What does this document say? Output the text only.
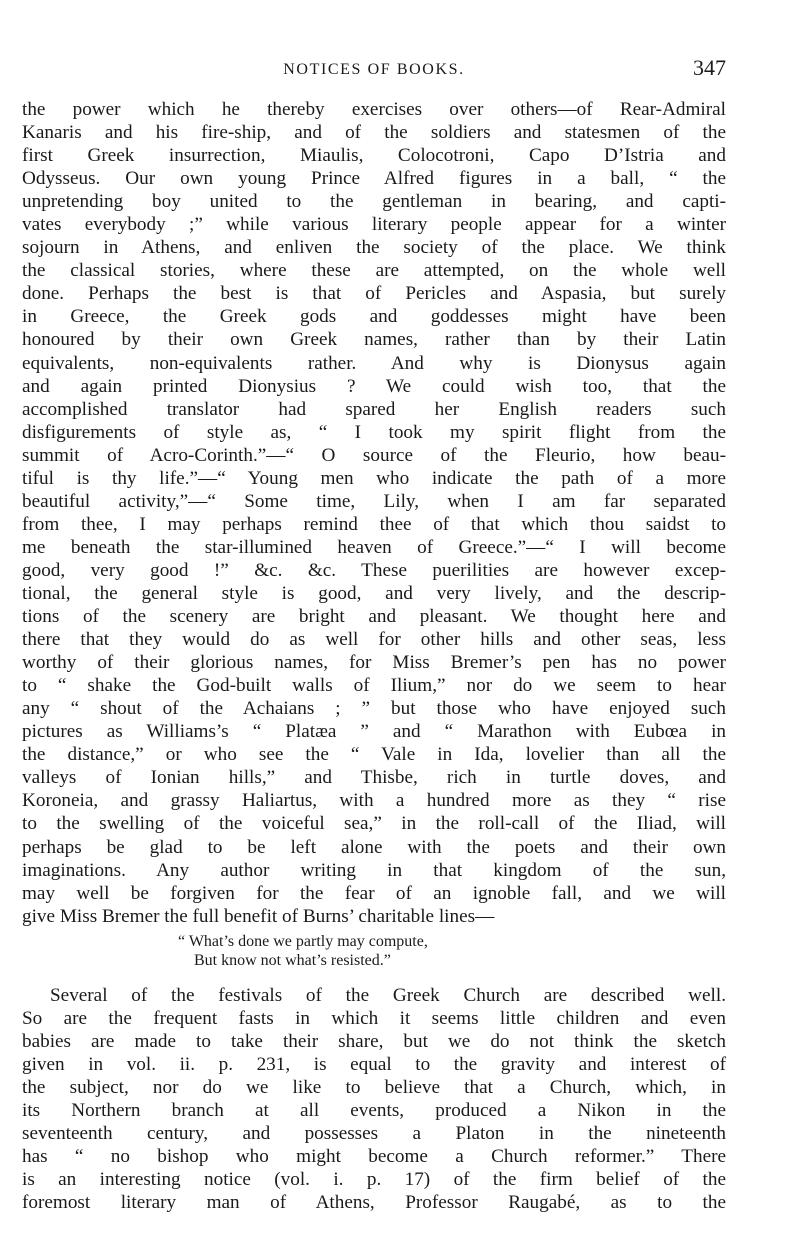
NOTICES OF BOOKS.	347
the power which he thereby exercises over others—of Rear-Admiral
Kanaris and his fire-ship, and of the soldiers and statesmen of the
first Greek insurrection, Miaulis, Colocotroni, Capo D’Istria and
Odysseus. Our own young Prince Alfred figures in a ball, “ the
unpretending boy united to the gentleman in bearing, and capti-
vates everybody ;” while various literary people appear for a winter
sojourn in Athens, and enliven the society of the place. We think
the classical stories, where these are attempted, on the whole well
done. Perhaps the best is that of Pericles and Aspasia, but surely
in Greece, the Greek gods and goddesses might have been
honoured by their own Greek names, rather than by their Latin
equivalents, non-equivalents rather. And why is Dionysus again
and again printed Dionysius ? We could wish too, that the
accomplished translator had spared her English readers such
disfigurements of style as, “ I took my spirit flight from the
summit of Acro-Corinth.”—“ O source of the Fleurio, how beau-
tiful is thy life.”—“ Young men who indicate the path of a more
beautiful activity,”—“ Some time, Lily, when I am far separated
from thee, I may perhaps remind thee of that which thou saidst to
me beneath the star-illumined heaven of Greece.”—“ I will become
good, very good !” &c. &c. These puerilities are however excep-
tional, the general style is good, and very lively, and the descrip-
tions of the scenery are bright and pleasant. We thought here and
there that they would do as well for other hills and other seas, less
worthy of their glorious names, for Miss Bremer’s pen has no power
to “ shake the God-built walls of Ilium,” nor do we seem to hear
any “ shout of the Achaians ; ” but those who have enjoyed such
pictures as Williams’s “ Platæa ” and “ Marathon with Eubœa in
the distance,” or who see the “ Vale in Ida, lovelier than all the
valleys of Ionian hills,” and Thisbe, rich in turtle doves, and
Koroneia, and grassy Haliartus, with a hundred more as they “ rise
to the swelling of the voiceful sea,” in the roll-call of the Iliad, will
perhaps be glad to be left alone with the poets and their own
imaginations. Any author writing in that kingdom of the sun,
may well be forgiven for the fear of an ignoble fall, and we will
give Miss Bremer the full benefit of Burns’ charitable lines—
“ What’s done we partly may compute,
But know not what’s resisted.”
Several of the festivals of the Greek Church are described well.
So are the frequent fasts in which it seems little children and even
babies are made to take their share, but we do not think the sketch
given in vol. ii. p. 231, is equal to the gravity and interest of
the subject, nor do we like to believe that a Church, which, in
its Northern branch at all events, produced a Nikon in the
seventeenth century, and possesses a Platon in the nineteenth
has “ no bishop who might become a Church reformer.” There
is an interesting notice (vol. i. p. 17) of the firm belief of the
foremost literary man of Athens, Professor Raugabé, as to the
